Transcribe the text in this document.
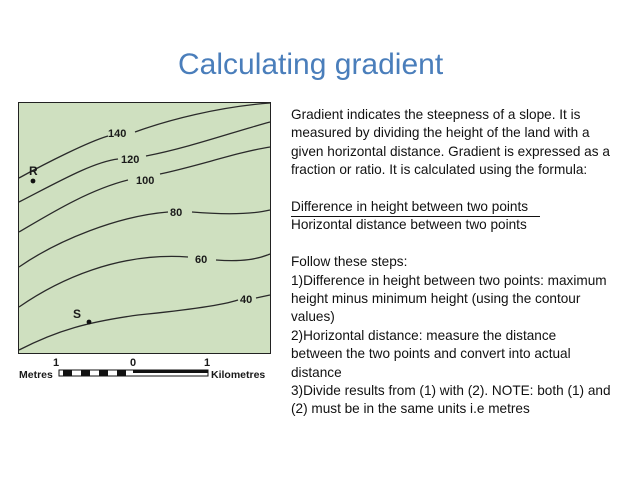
Calculating gradient
140
120
100
80
60
40
R
S
1	0	1
Metres	Kilometres

Gradient indicates the steepness of a slope. It is measured by dividing the height of the land with a given horizontal distance. Gradient is expressed as a fraction or ratio. It is calculated using the formula:

Difference in height between two points

Horizontal distance between two points

Follow these steps:

1)Difference in height between two points: maximum height minus minimum height (using the contour values)

2)Horizontal distance: measure the distance between the two points and convert into actual distance

3)Divide results from (1) with (2). NOTE: both (1) and (2) must be in the same units i.e metres
